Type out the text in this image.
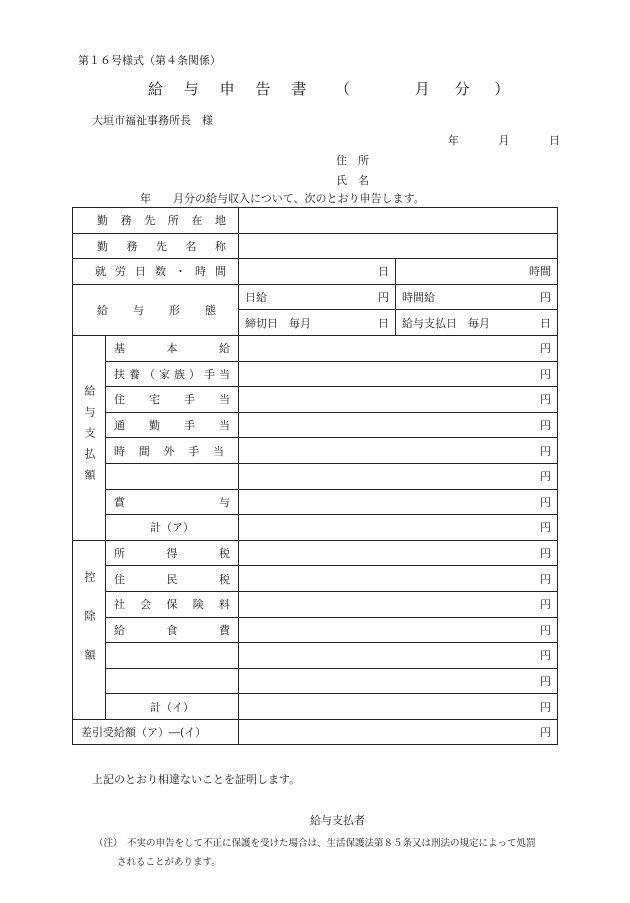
第１６号様式（第４条関係）
給 与 申 告 書 （	月 分 ）
大垣市福祉事務所長　様
年	月	日
住　所
氏　名
年 月分の給与収入について、次のとおり申告します。
勤務先所在地			
勤務先名称			
就労日数・時間		日	時間
給与形態		日給 円	時間給 円

		締切日　毎月 日	給与支払日　毎月 日

給与支払額	基本給	円	
	扶養（家族）手当	円	
	住宅手当	円	
	通勤手当	円	
	時間外手当	円	
		円	
	賞与	円	
	計（ア）	円	
控除額	所得税	円	
	住民税	円	
	社会保険料	円	
	給食費	円	
		円	
		円	
	計（イ）	円	
差引受給額（ア）―(イ）		円	
上記のとおり相違ないことを証明します。
給与支払者
（注） 不実の申告をして不正に保護を受けた場合は、生活保護法第８５条又は刑法の規定によって処罰
されることがあります。
